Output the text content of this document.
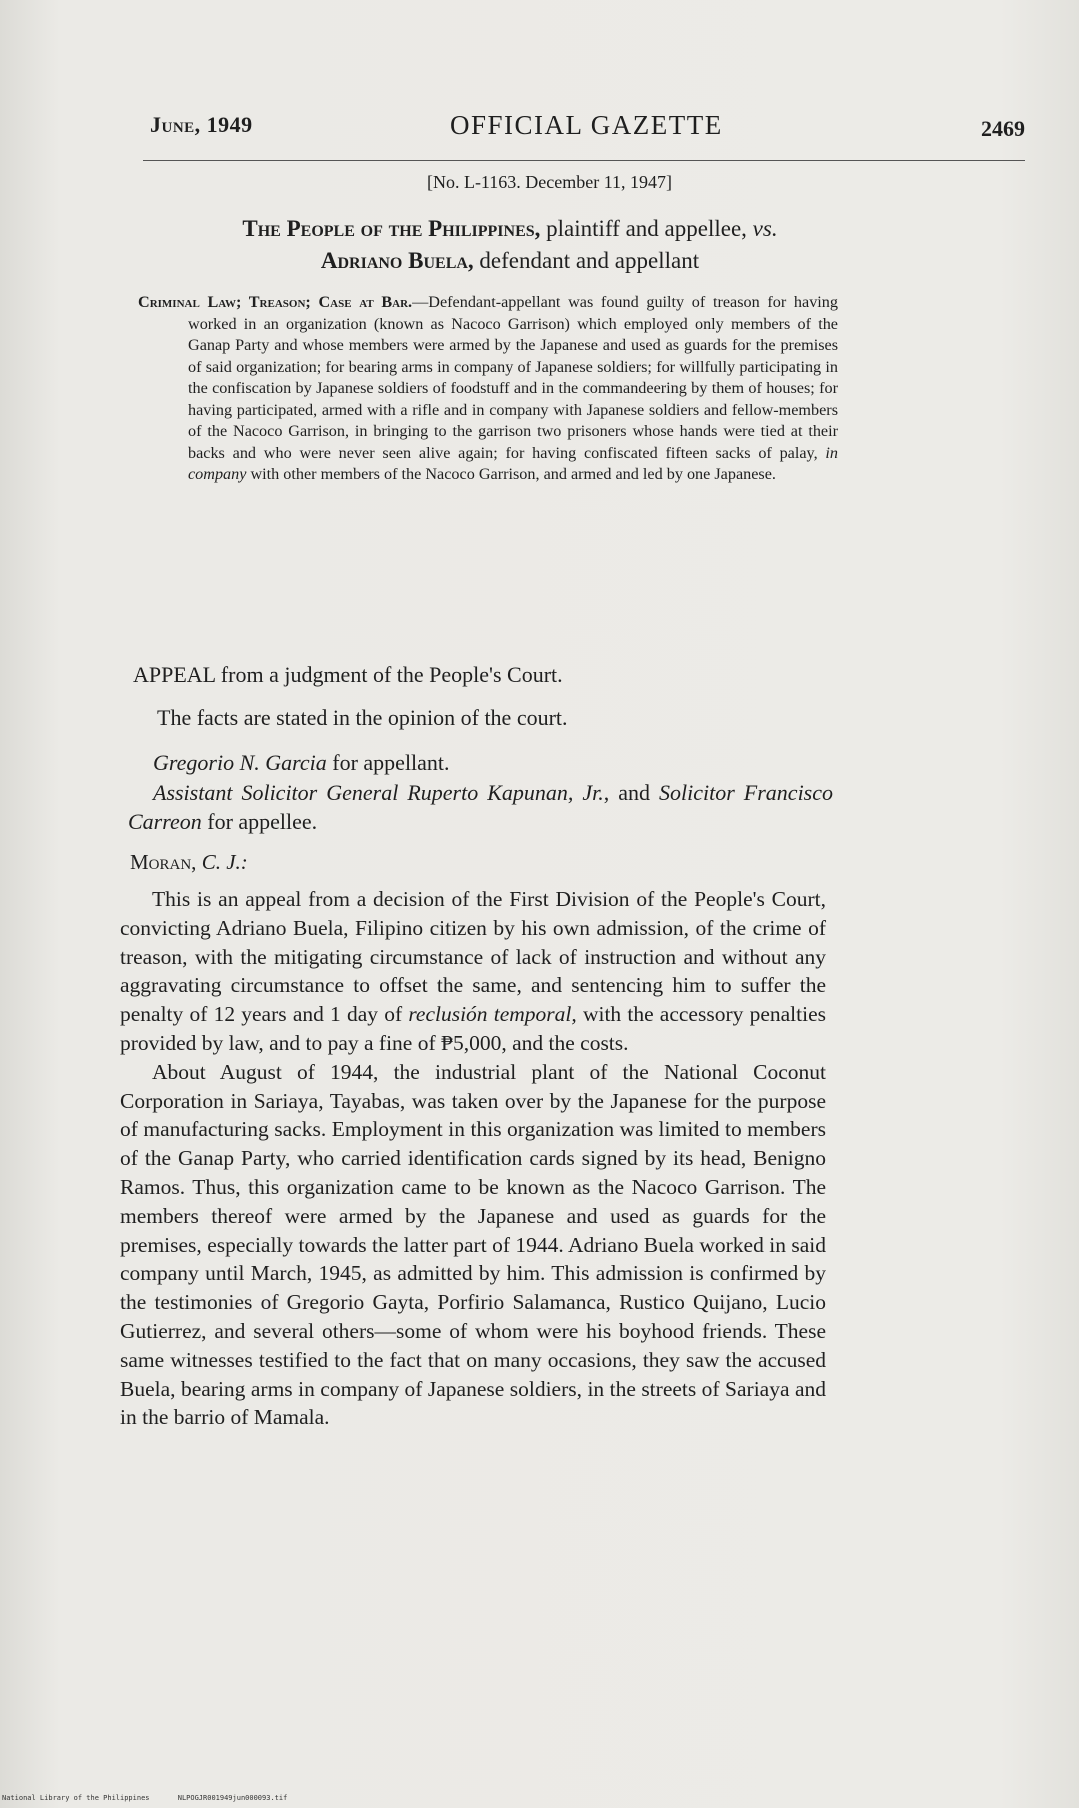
June, 1949	OFFICIAL GAZETTE	2469
[No. L-1163. December 11, 1947]
The People of the Philippines, plaintiff and appellee, vs.
Adriano Buela, defendant and appellant
Criminal Law; Treason; Case at Bar.—Defendant-appellant was found guilty of treason for having worked in an organization (known as Nacoco Garrison) which employed only members of the Ganap Party and whose members were armed by the Japanese and used as guards for the premises of said organization; for bearing arms in company of Japanese soldiers; for willfully participating in the confiscation by Japanese soldiers of foodstuff and in the commandeering by them of houses; for having participated, armed with a rifle and in company with Japanese soldiers and fellow-members of the Nacoco Garrison, in bringing to the garrison two prisoners whose hands were tied at their backs and who were never seen alive again; for having confiscated fifteen sacks of palay, in company with other members of the Nacoco Garrison, and armed and led by one Japanese.
APPEAL from a judgment of the People's Court.
The facts are stated in the opinion of the court.
Gregorio N. Garcia for appellant.
Assistant Solicitor General Ruperto Kapunan, Jr., and Solicitor Francisco Carreon for appellee.
Moran, C. J.:

This is an appeal from a decision of the First Division of the People's Court, convicting Adriano Buela, Filipino citizen by his own admission, of the crime of treason, with the mitigating circumstance of lack of instruction and without any aggravating circumstance to offset the same, and sentencing him to suffer the penalty of 12 years and 1 day of reclusión temporal, with the accessory penalties provided by law, and to pay a fine of ₱5,000, and the costs.

About August of 1944, the industrial plant of the National Coconut Corporation in Sariaya, Tayabas, was taken over by the Japanese for the purpose of manufacturing sacks. Employment in this organization was limited to members of the Ganap Party, who carried identification cards signed by its head, Benigno Ramos. Thus, this organization came to be known as the Nacoco Garrison. The members thereof were armed by the Japanese and used as guards for the premises, especially towards the latter part of 1944. Adriano Buela worked in said company until March, 1945, as admitted by him. This admission is confirmed by the testimonies of Gregorio Gayta, Porfirio Salamanca, Rustico Quijano, Lucio Gutierrez, and several others—some of whom were his boyhood friends. These same witnesses testified to the fact that on many occasions, they saw the accused Buela, bearing arms in company of Japanese soldiers, in the streets of Sariaya and in the barrio of Mamala.

National Library of the Philippines	NLPOGJR001949jun000093.tif
